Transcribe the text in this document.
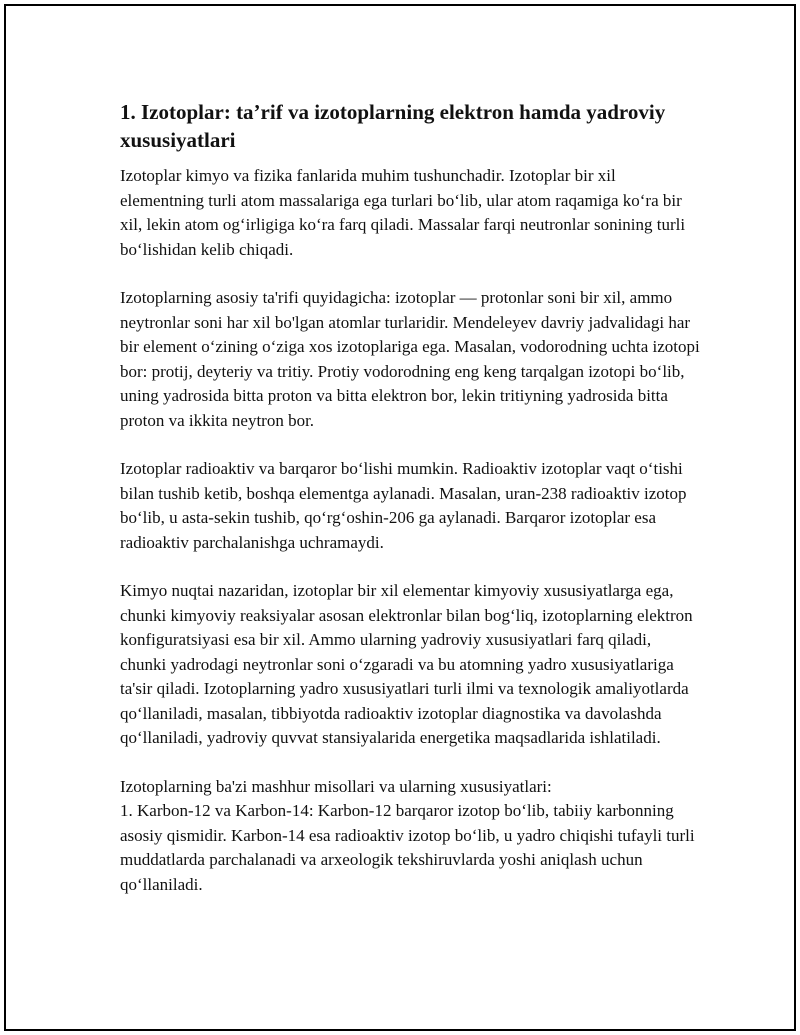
1. Izotoplar: ta’rif va izotoplarning elektron hamda yadroviy xususiyatlari

Izotoplar kimyo va fizika fanlarida muhim tushunchadir. Izotoplar bir xil elementning turli atom massalariga ega turlari bo‘lib, ular atom raqamiga ko‘ra bir xil, lekin atom og‘irligiga ko‘ra farq qiladi. Massalar farqi neutronlar sonining turli bo‘lishidan kelib chiqadi.

Izotoplarning asosiy ta'rifi quyidagicha: izotoplar — protonlar soni bir xil, ammo neytronlar soni har xil bo'lgan atomlar turlaridir. Mendeleyev davriy jadvalidagi har bir element o‘zining o‘ziga xos izotoplariga ega. Masalan, vodorodning uchta izotopi bor: protij, deyteriy va tritiy. Protiy vodorodning eng keng tarqalgan izotopi bo‘lib, uning yadrosida bitta proton va bitta elektron bor, lekin tritiyning yadrosida bitta proton va ikkita neytron bor.

Izotoplar radioaktiv va barqaror bo‘lishi mumkin. Radioaktiv izotoplar vaqt o‘tishi bilan tushib ketib, boshqa elementga aylanadi. Masalan, uran-238 radioaktiv izotop bo‘lib, u asta-sekin tushib, qo‘rg‘oshin-206 ga aylanadi. Barqaror izotoplar esa radioaktiv parchalanishga uchramaydi.

Kimyo nuqtai nazaridan, izotoplar bir xil elementar kimyoviy xususiyatlarga ega, chunki kimyoviy reaksiyalar asosan elektronlar bilan bog‘liq, izotoplarning elektron konfiguratsiyasi esa bir xil. Ammo ularning yadroviy xususiyatlari farq qiladi, chunki yadrodagi neytronlar soni o‘zgaradi va bu atomning yadro xususiyatlariga ta'sir qiladi. Izotoplarning yadro xususiyatlari turli ilmi va texnologik amaliyotlarda qo‘llaniladi, masalan, tibbiyotda radioaktiv izotoplar diagnostika va davolashda qo‘llaniladi, yadroviy quvvat stansiyalarida energetika maqsadlarida ishlatiladi.

Izotoplarning ba'zi mashhur misollari va ularning xususiyatlari:

1. Karbon-12 va Karbon-14: Karbon-12 barqaror izotop bo‘lib, tabiiy karbonning asosiy qismidir. Karbon-14 esa radioaktiv izotop bo‘lib, u yadro chiqishi tufayli turli muddatlarda parchalanadi va arxeologik tekshiruvlarda yoshi aniqlash uchun qo‘llaniladi.
